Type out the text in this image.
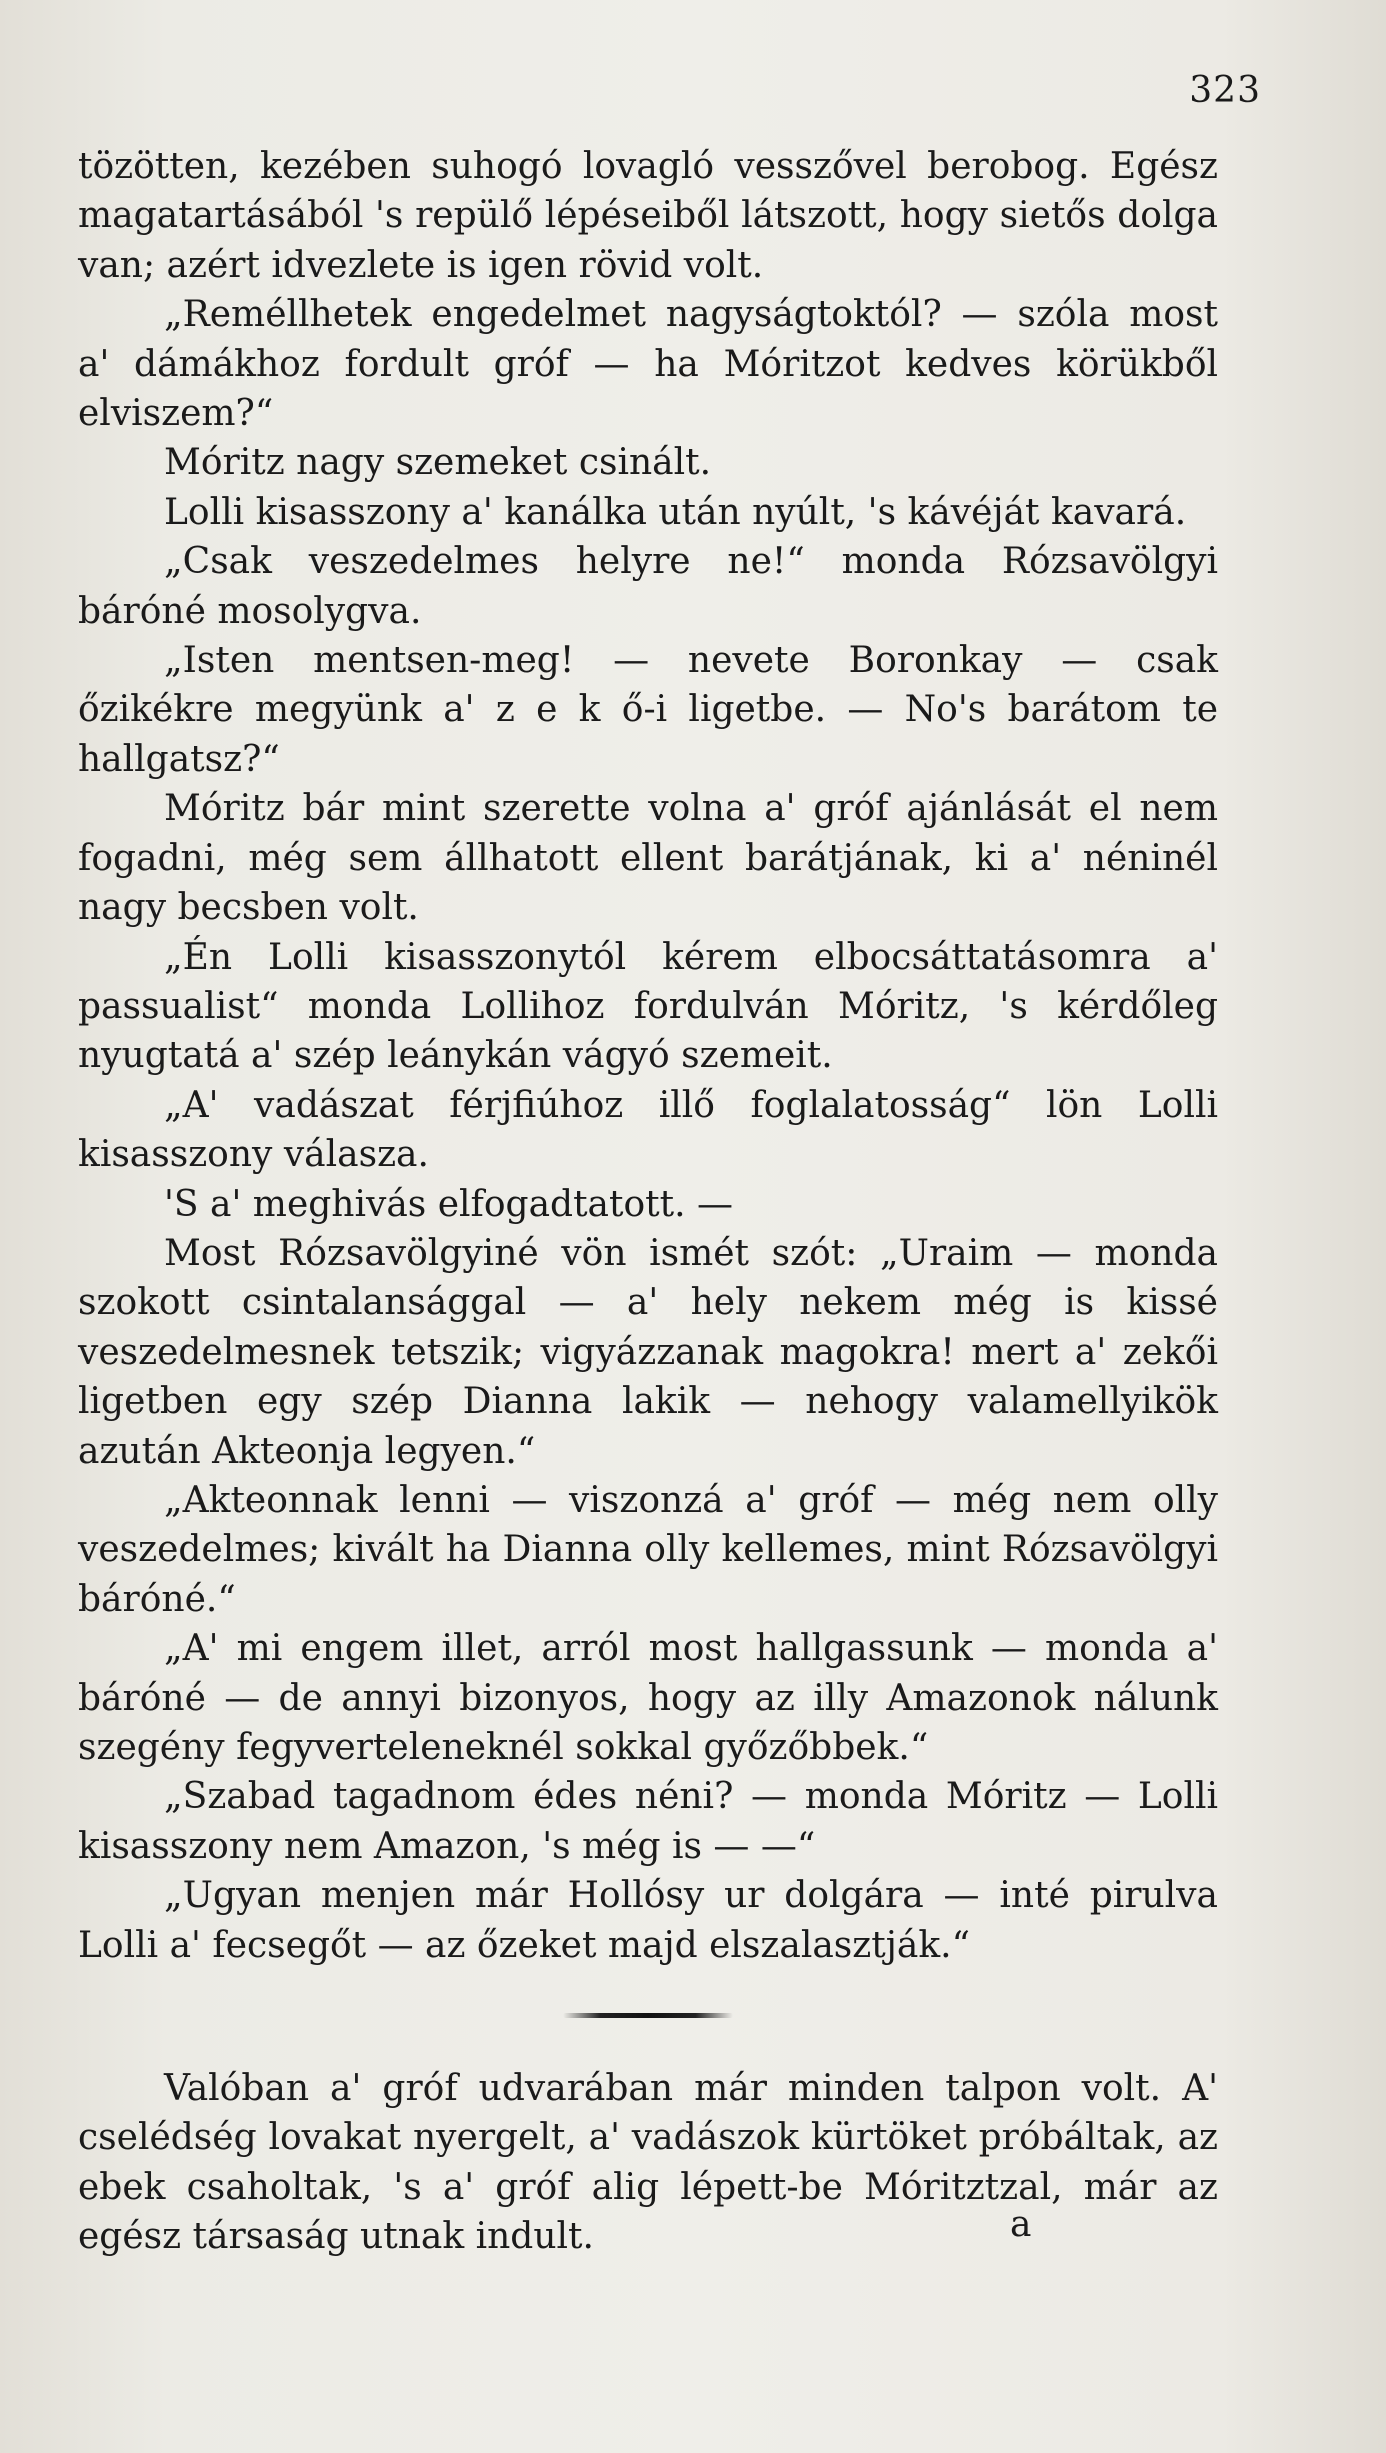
323

tözötten, kezében suhogó lovagló vesszővel berobog. Egész magatartásából 's repülő lépéseiből látszott, hogy sietős dolga van; azért idvezlete is igen rövid volt.

„Reméllhetek engedelmet nagyságtoktól? — szóla most a' dámákhoz fordult gróf — ha Móritzot kedves körükből elviszem?“

Móritz nagy szemeket csinált.

Lolli kisasszony a' kanálka után nyúlt, 's kávéját kavará.

„Csak veszedelmes helyre ne!“ monda Rózsavölgyi báróné mosolygva.

„Isten mentsen-meg! — nevete Boronkay — csak őzikékre megyünk a' z e k ő-i ligetbe. — No's barátom te hallgatsz?“

Móritz bár mint szerette volna a' gróf ajánlását el nem fogadni, még sem állhatott ellent barátjának, ki a' néninél nagy becsben volt.

„Én Lolli kisasszonytól kérem elbocsáttatásomra a' passualist“ monda Lollihoz fordulván Móritz, 's kérdőleg nyugtatá a' szép leánykán vágyó szemeit.

„A' vadászat férjfiúhoz illő foglalatosság“ lön Lolli kisasszony válasza.

'S a' meghivás elfogadtatott. —

Most Rózsavölgyiné vön ismét szót: „Uraim — monda szokott csintalansággal — a' hely nekem még is kissé veszedelmesnek tetszik; vigyázzanak magokra! mert a' zekői ligetben egy szép Dianna lakik — nehogy valamellyikök azután Akteonja legyen.“

„Akteonnak lenni — viszonzá a' gróf — még nem olly veszedelmes; kivált ha Dianna olly kellemes, mint Rózsavölgyi báróné.“

„A' mi engem illet, arról most hallgassunk — monda a' báróné — de annyi bizonyos, hogy az illy Amazonok nálunk szegény fegyverteleneknél sokkal győzőbbek.“

„Szabad tagadnom édes néni? — monda Móritz — Lolli kisasszony nem Amazon, 's még is — —“

„Ugyan menjen már Hollósy ur dolgára — inté pirulva Lolli a' fecsegőt — az őzeket majd elszalasztják.“

Valóban a' gróf udvarában már minden talpon volt. A' cselédség lovakat nyergelt, a' vadászok kürtöket próbáltak, az ebek csaholtak, 's a' gróf alig lépett-be Móritztzal, már az egész társaság utnak indult.	a
